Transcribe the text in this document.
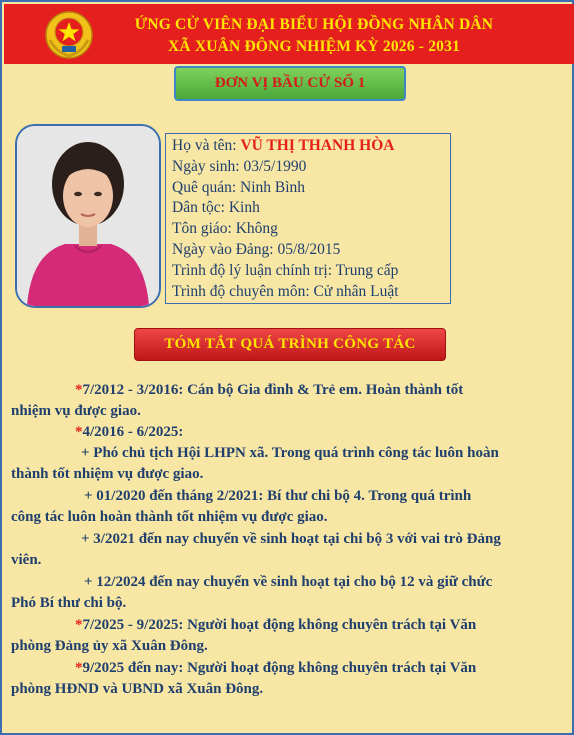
ỨNG CỬ VIÊN ĐẠI BIỂU HỘI ĐỒNG NHÂN DÂN
XÃ XUÂN ĐÔNG NHIỆM KỲ 2026 - 2031
ĐƠN VỊ BẦU CỬ SỐ 1
Họ và tên: VŨ THỊ THANH HÒA
Ngày sinh: 03/5/1990
Quê quán: Ninh Bình
Dân tộc: Kinh
Tôn giáo: Không
Ngày vào Đảng: 05/8/2015
Trình độ lý luận chính trị: Trung cấp
Trình độ chuyên môn: Cử nhân Luật
TÓM TẮT QUÁ TRÌNH CÔNG TÁC
*7/2012 - 3/2016: Cán bộ Gia đình & Trẻ em. Hoàn thành tốt
nhiệm vụ được giao.
*4/2016 - 6/2025:
+ Phó chủ tịch Hội LHPN xã. Trong quá trình công tác luôn hoàn
thành tốt nhiệm vụ được giao.
+ 01/2020 đến tháng 2/2021: Bí thư chi bộ 4. Trong quá trình
công tác luôn hoàn thành tốt nhiệm vụ được giao.
+ 3/2021 đến nay chuyển về sinh hoạt tại chi bộ 3 với vai trò Đảng
viên.
+ 12/2024 đến nay chuyển về sinh hoạt tại cho bộ 12 và giữ chức
Phó Bí thư chi bộ.
*7/2025 - 9/2025: Người hoạt động không chuyên trách tại Văn
phòng Đảng ủy xã Xuân Đông.
*9/2025 đến nay: Người hoạt động không chuyên trách tại Văn
phòng HĐND và UBND xã Xuân Đông.
